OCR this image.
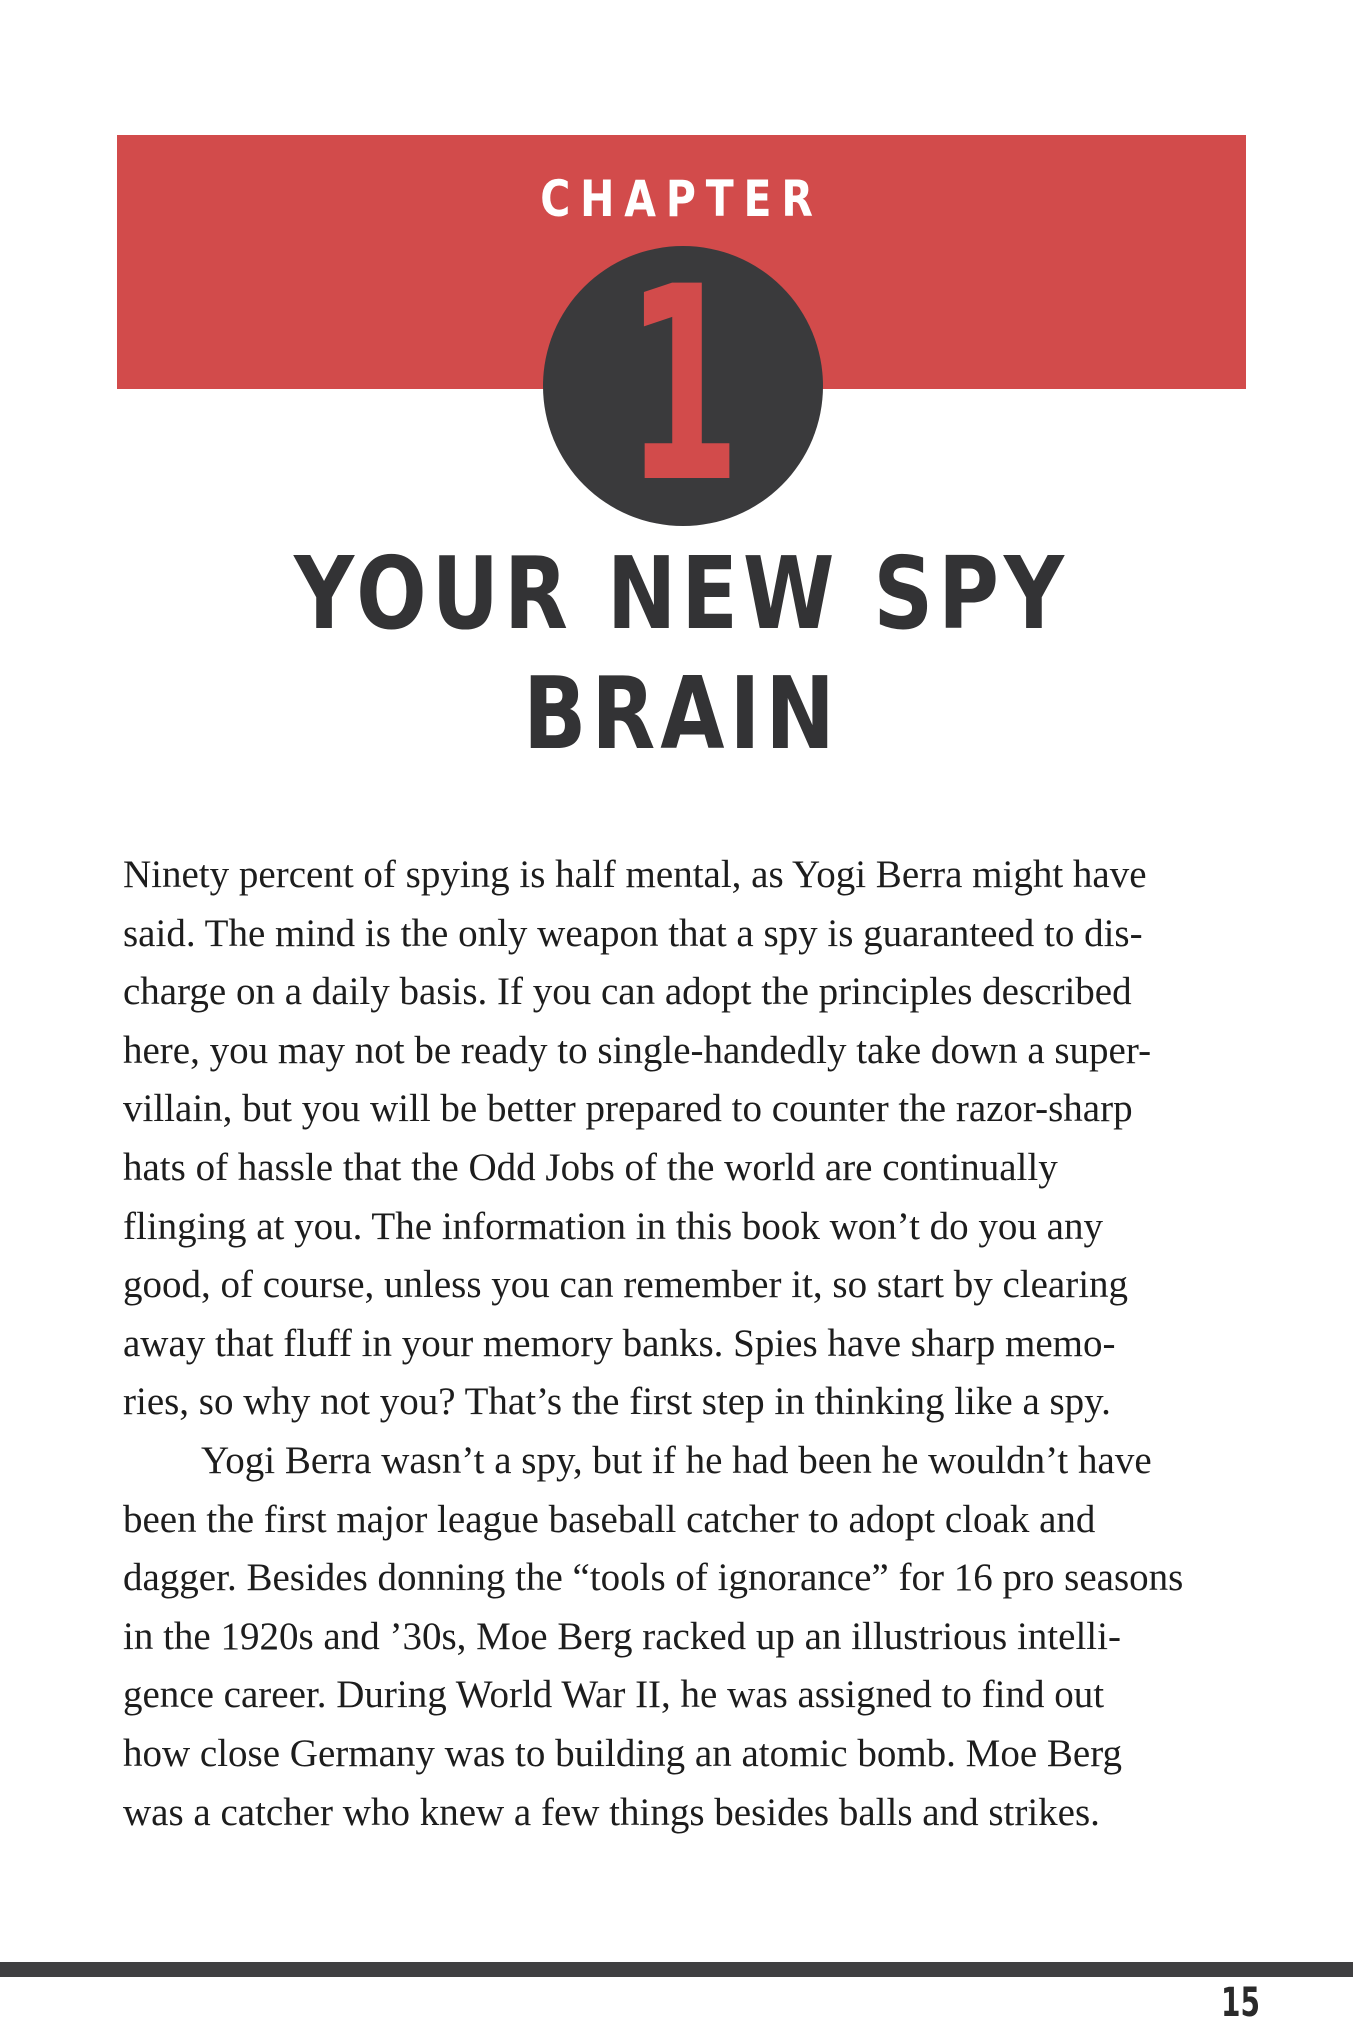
CHAPTER
1
YOUR NEW SPY BRAIN

Ninety percent of spying is half mental, as Yogi Berra might have
said. The mind is the only weapon that a spy is guaranteed to dis-
charge on a daily basis. If you can adopt the principles described
here, you may not be ready to single-handedly take down a super-
villain, but you will be better prepared to counter the razor-sharp
hats of hassle that the Odd Jobs of the world are continually
flinging at you. The information in this book won’t do you any
good, of course, unless you can remember it, so start by clearing
away that fluff in your memory banks. Spies have sharp memo-
ries, so why not you? That’s the first step in thinking like a spy.

Yogi Berra wasn’t a spy, but if he had been he wouldn’t have
been the first major league baseball catcher to adopt cloak and
dagger. Besides donning the “tools of ignorance” for 16 pro seasons
in the 1920s and ’30s, Moe Berg racked up an illustrious intelli-
gence career. During World War II, he was assigned to find out
how close Germany was to building an atomic bomb. Moe Berg
was a catcher who knew a few things besides balls and strikes.

15
